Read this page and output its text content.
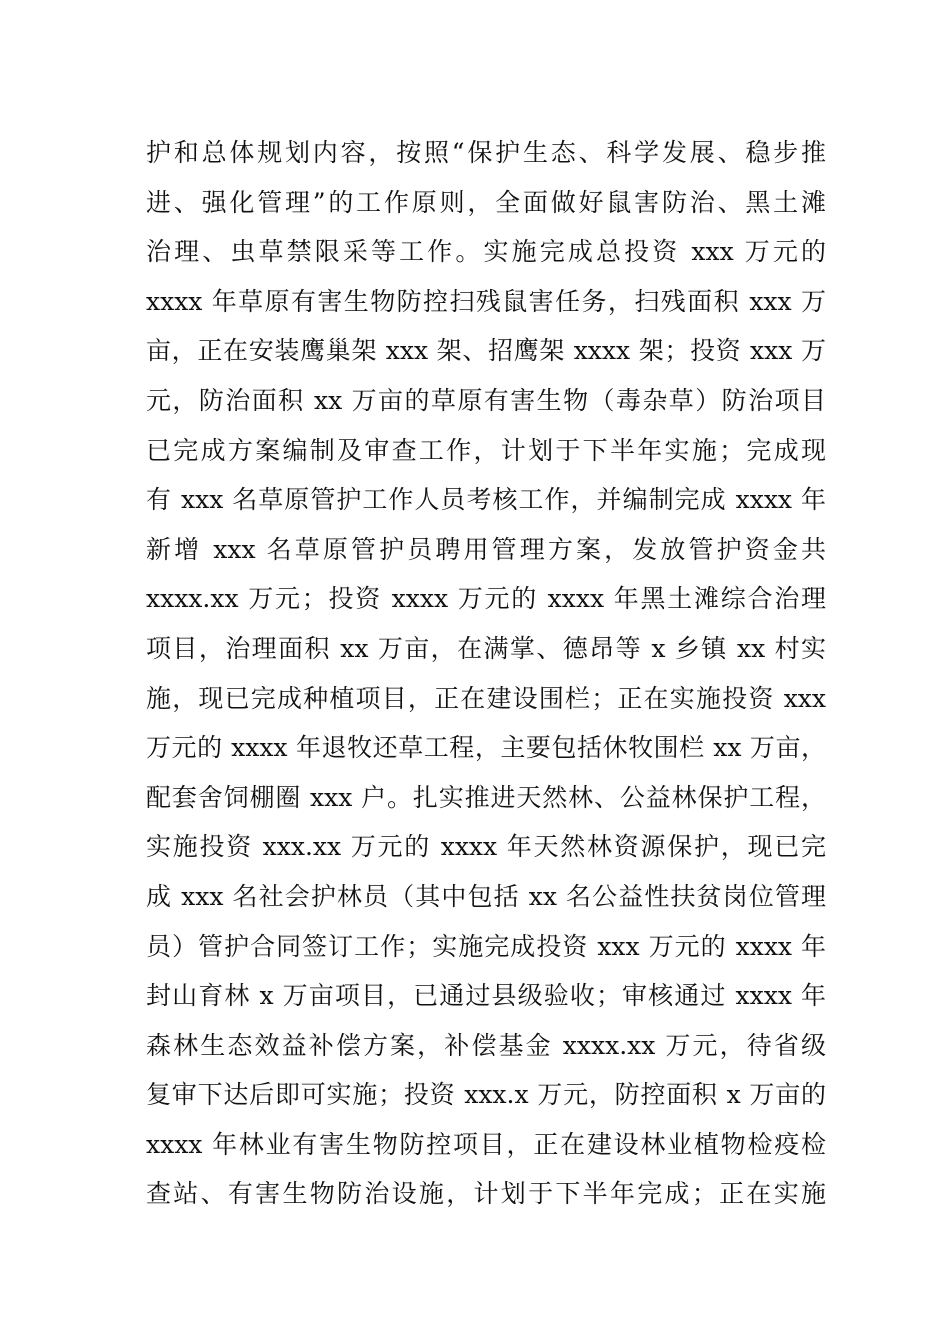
护和总体规划内容，按照“保护生态、科学发展、稳步推
进、强化管理”的工作原则，全面做好鼠害防治、黑土滩
治理、虫草禁限采等工作。实施完成总投资 xxx 万元的
xxxx 年草原有害生物防控扫残鼠害任务，扫残面积 xxx 万
亩，正在安装鹰巢架 xxx 架、招鹰架 xxxx 架；投资 xxx 万
元，防治面积 xx 万亩的草原有害生物（毒杂草）防治项目
已完成方案编制及审查工作，计划于下半年实施；完成现
有 xxx 名草原管护工作人员考核工作，并编制完成 xxxx 年
新增 xxx 名草原管护员聘用管理方案，发放管护资金共
xxxx.xx 万元；投资 xxxx 万元的 xxxx 年黑土滩综合治理
项目，治理面积 xx 万亩，在满掌、德昂等 x 乡镇 xx 村实
施，现已完成种植项目，正在建设围栏；正在实施投资 xxx
万元的 xxxx 年退牧还草工程，主要包括休牧围栏 xx 万亩，
配套舍饲棚圈 xxx 户。扎实推进天然林、公益林保护工程，
实施投资 xxx.xx 万元的 xxxx 年天然林资源保护，现已完
成 xxx 名社会护林员（其中包括 xx 名公益性扶贫岗位管理
员）管护合同签订工作；实施完成投资 xxx 万元的 xxxx 年
封山育林 x 万亩项目，已通过县级验收；审核通过 xxxx 年
森林生态效益补偿方案，补偿基金 xxxx.xx 万元，待省级
复审下达后即可实施；投资 xxx.x 万元，防控面积 x 万亩的
xxxx 年林业有害生物防控项目，正在建设林业植物检疫检
查站、有害生物防治设施，计划于下半年完成；正在实施
